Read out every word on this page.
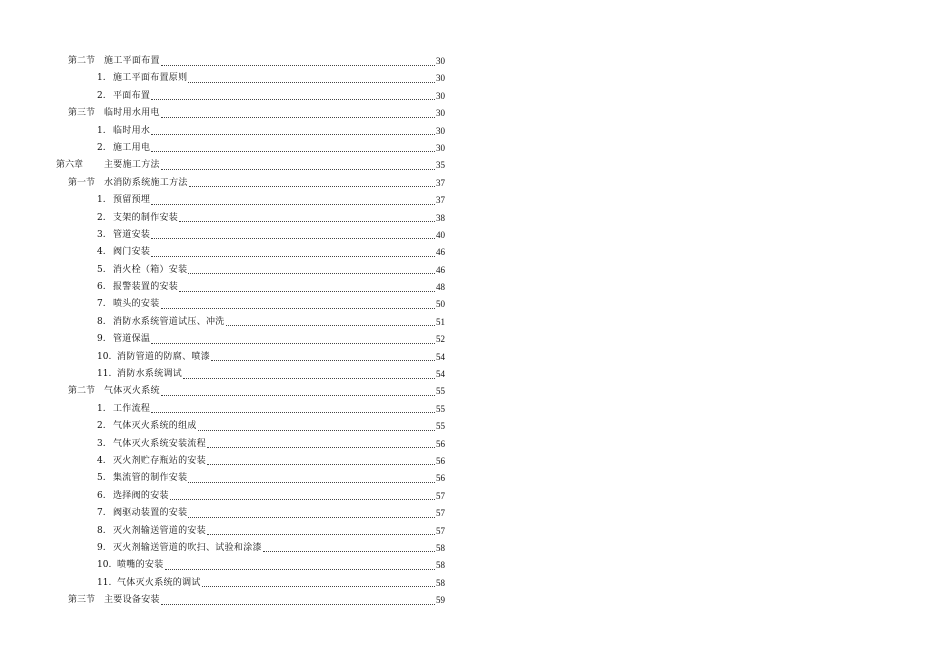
第二节 施工平面布置	30
1. 施工平面布置原则	30
2. 平面布置	30
第三节 临时用水用电	30
1. 临时用水	30
2. 施工用电	30
第六章	主要施工方法	35
第一节 水消防系统施工方法	37
1. 预留预埋	37
2. 支架的制作安装	38
3. 管道安装	40
4. 阀门安装	46
5. 消火栓（箱）安装	46
6. 报警装置的安装	48
7. 喷头的安装	50
8. 消防水系统管道试压、冲洗	51
9. 管道保温	52
10. 消防管道的防腐、喷漆	54
11. 消防水系统调试	54
第二节 气体灭火系统	55
1. 工作流程	55
2. 气体灭火系统的组成	55
3. 气体灭火系统安装流程	56
4. 灭火剂贮存瓶站的安装	56
5. 集流管的制作安装	56
6. 选择阀的安装	57
7. 阀驱动装置的安装	57
8. 灭火剂输送管道的安装	57
9. 灭火剂输送管道的吹扫、试验和涂漆	58
10. 喷嘴的安装	58
11. 气体灭火系统的调试	58
第三节 主要设备安装	59
